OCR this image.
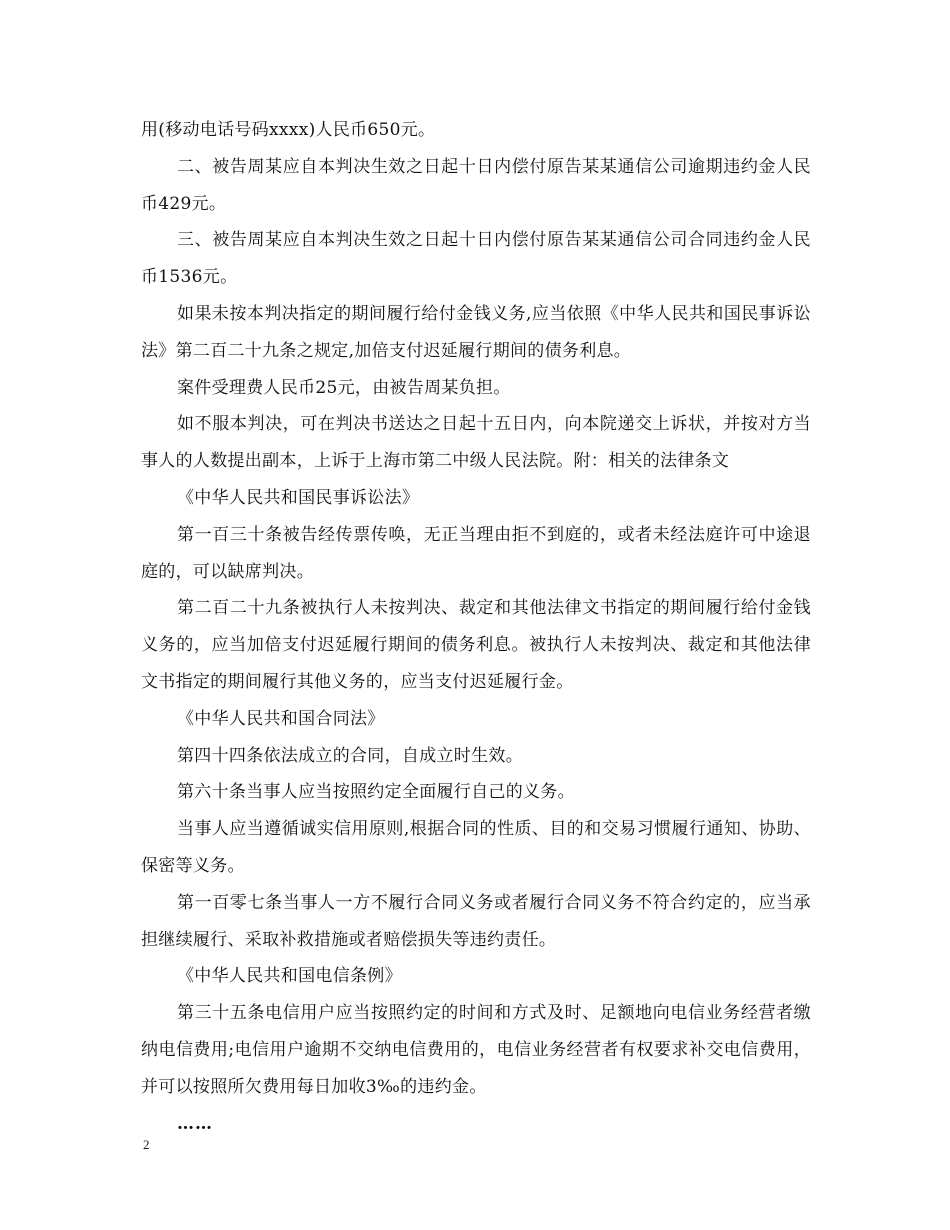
用(移动电话号码xxxx)人民币650元。

二、被告周某应自本判决生效之日起十日内偿付原告某某通信公司逾期违约金人民币429元。

三、被告周某应自本判决生效之日起十日内偿付原告某某通信公司合同违约金人民币1536元。

如果未按本判决指定的期间履行给付金钱义务,应当依照《中华人民共和国民事诉讼法》第二百二十九条之规定,加倍支付迟延履行期间的债务利息。

案件受理费人民币25元，由被告周某负担。

如不服本判决，可在判决书送达之日起十五日内，向本院递交上诉状，并按对方当事人的人数提出副本，上诉于上海市第二中级人民法院。附：相关的法律条文

《中华人民共和国民事诉讼法》

第一百三十条被告经传票传唤，无正当理由拒不到庭的，或者未经法庭许可中途退庭的，可以缺席判决。

第二百二十九条被执行人未按判决、裁定和其他法律文书指定的期间履行给付金钱义务的，应当加倍支付迟延履行期间的债务利息。被执行人未按判决、裁定和其他法律文书指定的期间履行其他义务的，应当支付迟延履行金。

《中华人民共和国合同法》

第四十四条依法成立的合同，自成立时生效。

第六十条当事人应当按照约定全面履行自己的义务。

当事人应当遵循诚实信用原则,根据合同的性质、目的和交易习惯履行通知、协助、保密等义务。

第一百零七条当事人一方不履行合同义务或者履行合同义务不符合约定的，应当承担继续履行、采取补救措施或者赔偿损失等违约责任。

《中华人民共和国电信条例》

第三十五条电信用户应当按照约定的时间和方式及时、足额地向电信业务经营者缴纳电信费用;电信用户逾期不交纳电信费用的，电信业务经营者有权要求补交电信费用，并可以按照所欠费用每日加收3‰的违约金。

……

2
